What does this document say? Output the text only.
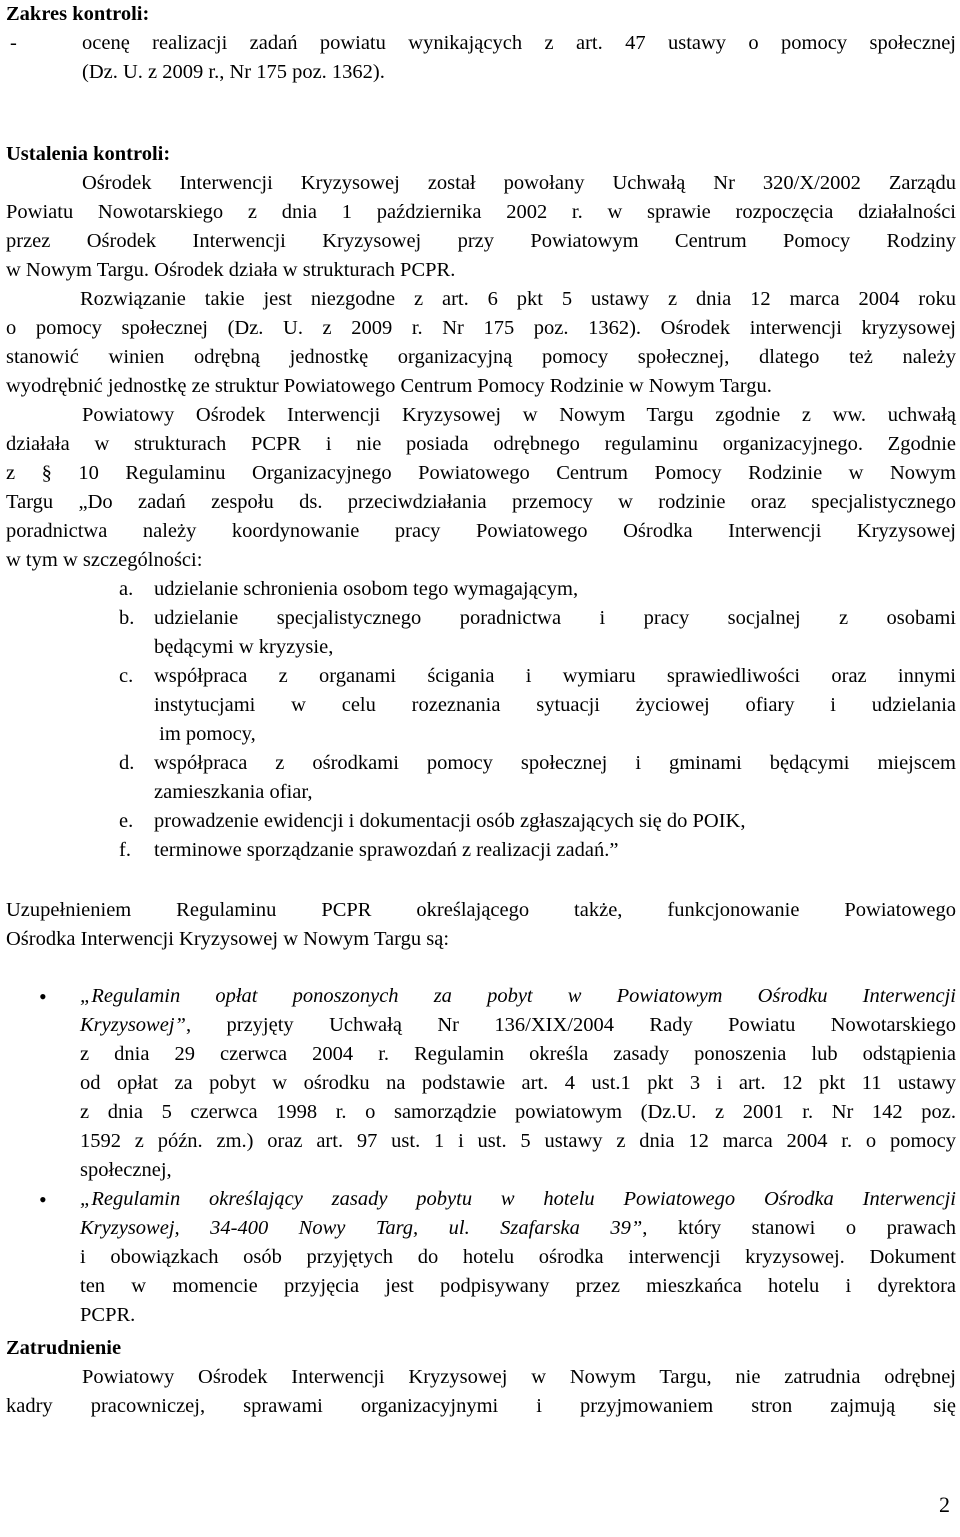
Zakres kontroli:
-	ocenę realizacji zadań powiatu wynikających z art. 47 ustawy o pomocy społecznej
(Dz. U. z 2009 r., Nr 175 poz. 1362).
Ustalenia kontroli:
Ośrodek Interwencji Kryzysowej został powołany Uchwałą Nr 320/X/2002 Zarządu
Powiatu Nowotarskiego z dnia 1 października 2002 r. w sprawie rozpoczęcia działalności
przez Ośrodek Interwencji Kryzysowej przy Powiatowym Centrum Pomocy Rodziny
w Nowym Targu. Ośrodek działa w strukturach PCPR.
Rozwiązanie takie jest niezgodne z art. 6 pkt 5 ustawy z dnia 12 marca 2004 roku
o pomocy społecznej (Dz. U. z 2009 r. Nr 175 poz. 1362). Ośrodek interwencji kryzysowej
stanowić winien odrębną jednostkę organizacyjną pomocy społecznej, dlatego też należy
wyodrębnić jednostkę ze struktur Powiatowego Centrum Pomocy Rodzinie w Nowym Targu.
Powiatowy Ośrodek Interwencji Kryzysowej w Nowym Targu zgodnie z ww. uchwałą
działała w strukturach PCPR i nie posiada odrębnego regulaminu organizacyjnego. Zgodnie
z § 10 Regulaminu Organizacyjnego Powiatowego Centrum Pomocy Rodzinie w Nowym
Targu „Do zadań zespołu ds. przeciwdziałania przemocy w rodzinie oraz specjalistycznego
poradnictwa należy koordynowanie pracy Powiatowego Ośrodka Interwencji Kryzysowej
w tym w szczególności:
a. udzielanie schronienia osobom tego wymagającym,
b. udzielanie specjalistycznego poradnictwa i pracy socjalnej z osobami
będącymi w kryzysie,
c. współpraca z organami ścigania i wymiaru sprawiedliwości oraz innymi
instytucjami w celu rozeznania sytuacji życiowej ofiary i udzielania
im pomocy,
d. współpraca z ośrodkami pomocy społecznej i gminami będącymi miejscem
zamieszkania ofiar,
e. prowadzenie ewidencji i dokumentacji osób zgłaszających się do POIK,
f. terminowe sporządzanie sprawozdań z realizacji zadań.”
Uzupełnieniem Regulaminu PCPR określającego także, funkcjonowanie Powiatowego
Ośrodka Interwencji Kryzysowej w Nowym Targu są:
• „Regulamin opłat ponoszonych za pobyt w Powiatowym Ośrodku Interwencji
Kryzysowej”, przyjęty Uchwałą Nr 136/XIX/2004 Rady Powiatu Nowotarskiego
z dnia 29 czerwca 2004 r. Regulamin określa zasady ponoszenia lub odstąpienia
od opłat za pobyt w ośrodku na podstawie art. 4 ust.1 pkt 3 i art. 12 pkt 11 ustawy
z dnia 5 czerwca 1998 r. o samorządzie powiatowym (Dz.U. z 2001 r. Nr 142 poz.
1592 z późn. zm.) oraz art. 97 ust. 1 i ust. 5 ustawy z dnia 12 marca 2004 r. o pomocy
społecznej,
• „Regulamin określający zasady pobytu w hotelu Powiatowego Ośrodka Interwencji
Kryzysowej, 34-400 Nowy Targ, ul. Szafarska 39”, który stanowi o prawach
i obowiązkach osób przyjętych do hotelu ośrodka interwencji kryzysowej. Dokument
ten w momencie przyjęcia jest podpisywany przez mieszkańca hotelu i dyrektora
PCPR.
Zatrudnienie
Powiatowy Ośrodek Interwencji Kryzysowej w Nowym Targu, nie zatrudnia odrębnej
kadry pracowniczej, sprawami organizacyjnymi i przyjmowaniem stron zajmują się
2
